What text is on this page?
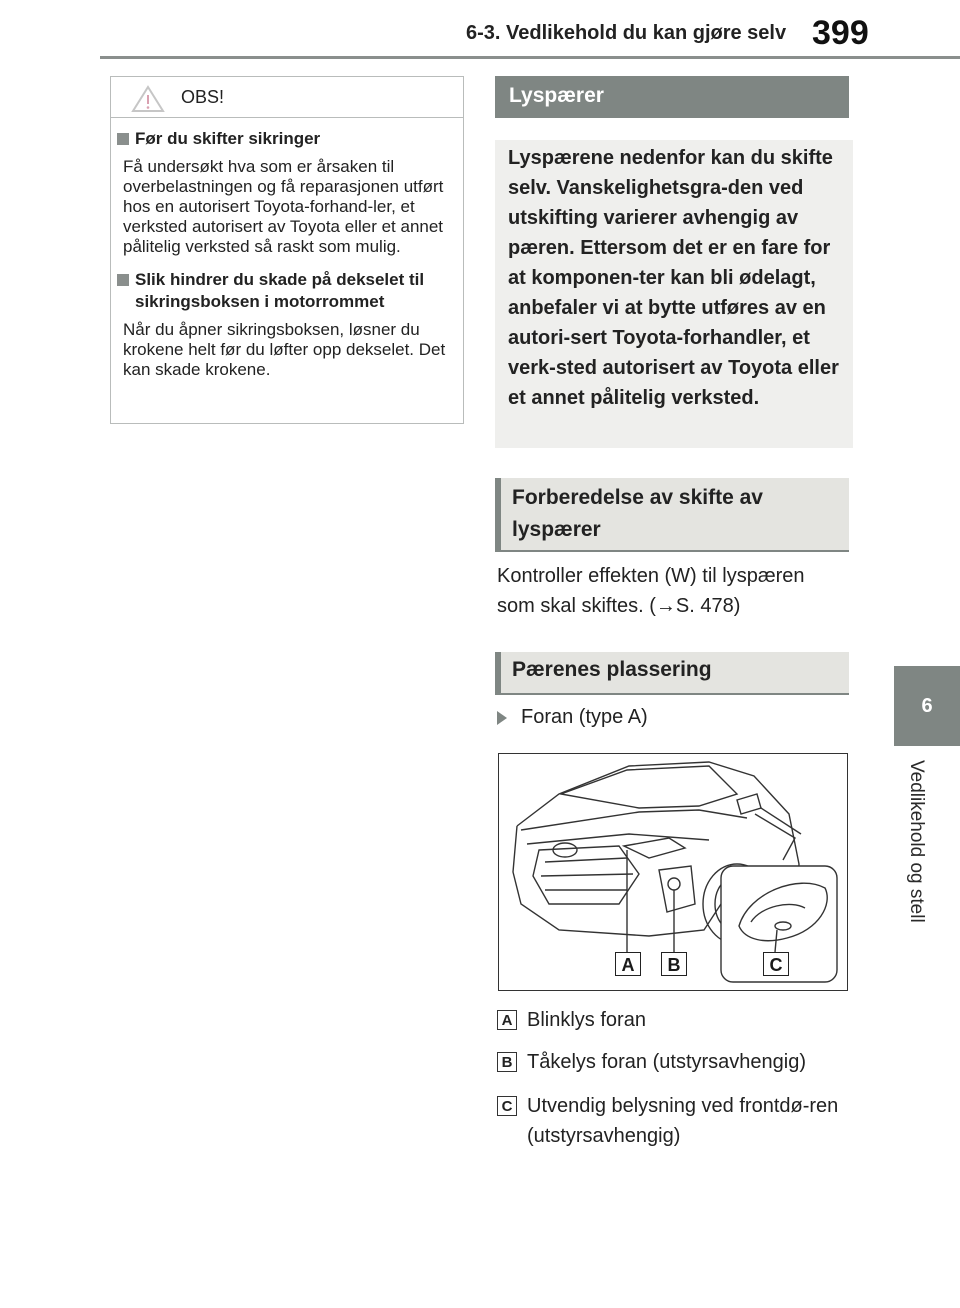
6-3. Vedlikehold du kan gjøre selv 399
6
Vedlikehold og stell
OBS!
Før du skifter sikringer
Få undersøkt hva som er årsaken til overbelastningen og få reparasjonen utført hos en autorisert Toyota-forhand-ler, et verksted autorisert av Toyota eller et annet pålitelig verksted så raskt som mulig.
Slik hindrer du skade på dekselet til sikringsboksen i motorrommet
Når du åpner sikringsboksen, løsner du krokene helt før du løfter opp dekselet. Det kan skade krokene.
Lyspærer
Lyspærene nedenfor kan du skifte selv. Vanskelighetsgra-den ved utskifting varierer avhengig av pæren. Ettersom det er en fare for at komponen-ter kan bli ødelagt, anbefaler vi at bytte utføres av en autori-sert Toyota-forhandler, et verk-sted autorisert av Toyota eller et annet pålitelig verksted.
Forberedelse av skifte av lyspærer
Kontroller effekten (W) til lyspæren som skal skiftes. (→S. 478)
Pærenes plassering
Foran (type A)
A	B	C
A Blinklys foran
B Tåkelys foran (utstyrsavhengig)
C Utvendig belysning ved frontdø-ren (utstyrsavhengig)
